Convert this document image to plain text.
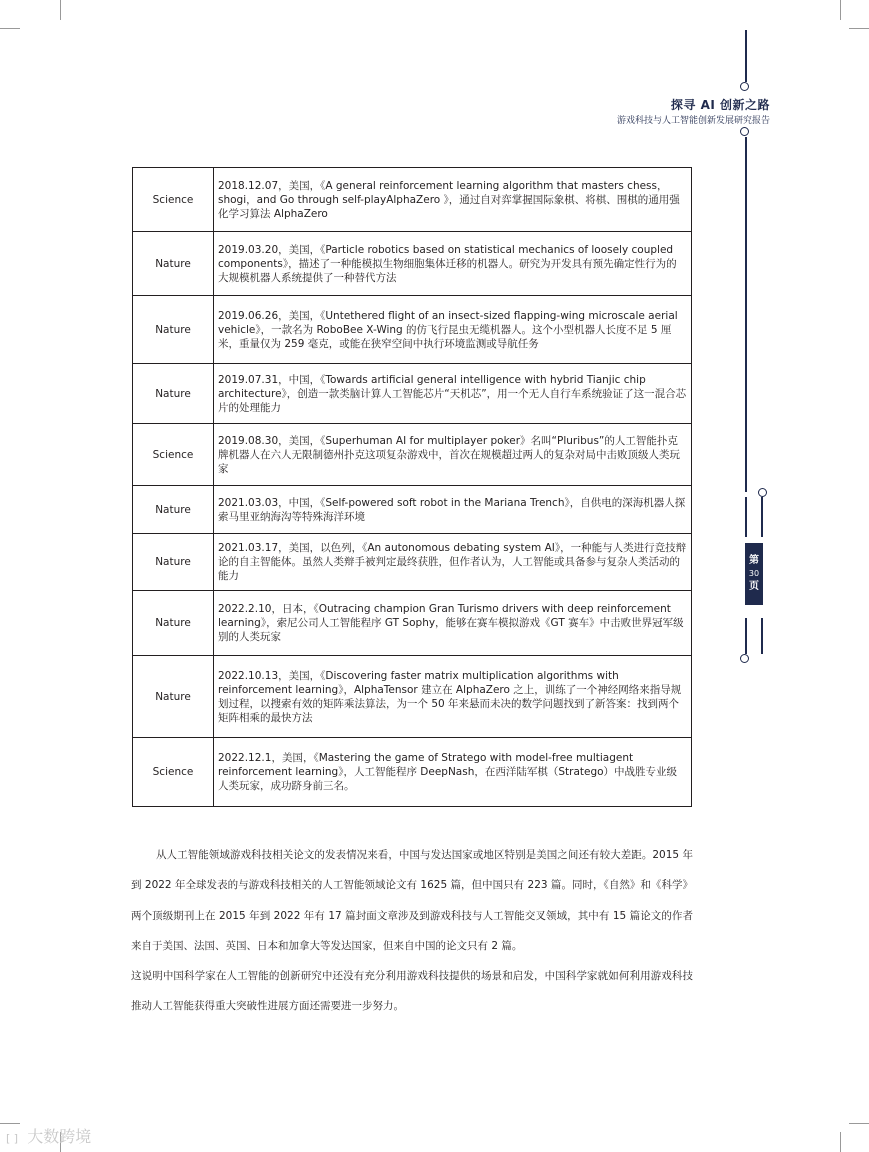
探寻 AI 创新之路
游戏科技与人工智能创新发展研究报告
第
30
页
Science	2018.12.07，美国，《A general reinforcement learning algorithm that masters chess，shogi，and Go through self-playAlphaZero 》，通过自对弈掌握国际象棋、将棋、围棋的通用强化学习算法 AlphaZero
Nature	2019.03.20，美国，《Particle robotics based on statistical mechanics of loosely coupled components》，描述了一种能模拟生物细胞集体迁移的机器人。研究为开发具有预先确定性行为的大规模机器人系统提供了一种替代方法
Nature	2019.06.26，美国，《Untethered flight of an insect-sized flapping-wing microscale aerial vehicle》，一款名为 RoboBee X-Wing 的仿飞行昆虫无缆机器人。这个小型机器人长度不足 5 厘米，重量仅为 259 毫克，或能在狭窄空间中执行环境监测或导航任务
Nature	2019.07.31，中国，《Towards artificial general intelligence with hybrid Tianjic chip architecture》，创造一款类脑计算人工智能芯片“天机芯”，用一个无人自行车系统验证了这一混合芯片的处理能力
Science	2019.08.30，美国，《Superhuman AI for multiplayer poker》名叫“Pluribus”的人工智能扑克牌机器人在六人无限制德州扑克这项复杂游戏中，首次在规模超过两人的复杂对局中击败顶级人类玩家
Nature	2021.03.03，中国，《Self-powered soft robot in the Mariana Trench》，自供电的深海机器人探索马里亚纳海沟等特殊海洋环境
Nature	2021.03.17，美国，以色列，《An autonomous debating system AI》，一种能与人类进行竞技辩论的自主智能体。虽然人类辩手被判定最终获胜，但作者认为，人工智能或具备参与复杂人类活动的能力
Nature	2022.2.10，日本，《Outracing champion Gran Turismo drivers with deep reinforcement learning》，索尼公司人工智能程序 GT Sophy，能够在赛车模拟游戏《GT 赛车》中击败世界冠军级别的人类玩家
Nature	2022.10.13，美国，《Discovering faster matrix multiplication algorithms with reinforcement learning》，AlphaTensor 建立在 AlphaZero 之上，训练了一个神经网络来指导规划过程，以搜索有效的矩阵乘法算法，为一个 50 年来悬而未决的数学问题找到了新答案：找到两个矩阵相乘的最快方法
Science	2022.12.1，美国，《Mastering the game of Stratego with model-free multiagent reinforcement learning》，人工智能程序 DeepNash，在西洋陆军棋（Stratego）中战胜专业级人类玩家，成功跻身前三名。

从人工智能领域游戏科技相关论文的发表情况来看，中国与发达国家或地区特别是美国之间还有较大差距。2015 年到 2022 年全球发表的与游戏科技相关的人工智能领域论文有 1625 篇，但中国只有 223 篇。同时，《自然》和《科学》两个顶级期刊上在 2015 年到 2022 年有 17 篇封面文章涉及到游戏科技与人工智能交叉领域，其中有 15 篇论文的作者来自于美国、法国、英国、日本和加拿大等发达国家，但来自中国的论文只有 2 篇。

这说明中国科学家在人工智能的创新研究中还没有充分利用游戏科技提供的场景和启发，中国科学家就如何利用游戏科技推动人工智能获得重大突破性进展方面还需要进一步努力。

[ ] 大数跨境
